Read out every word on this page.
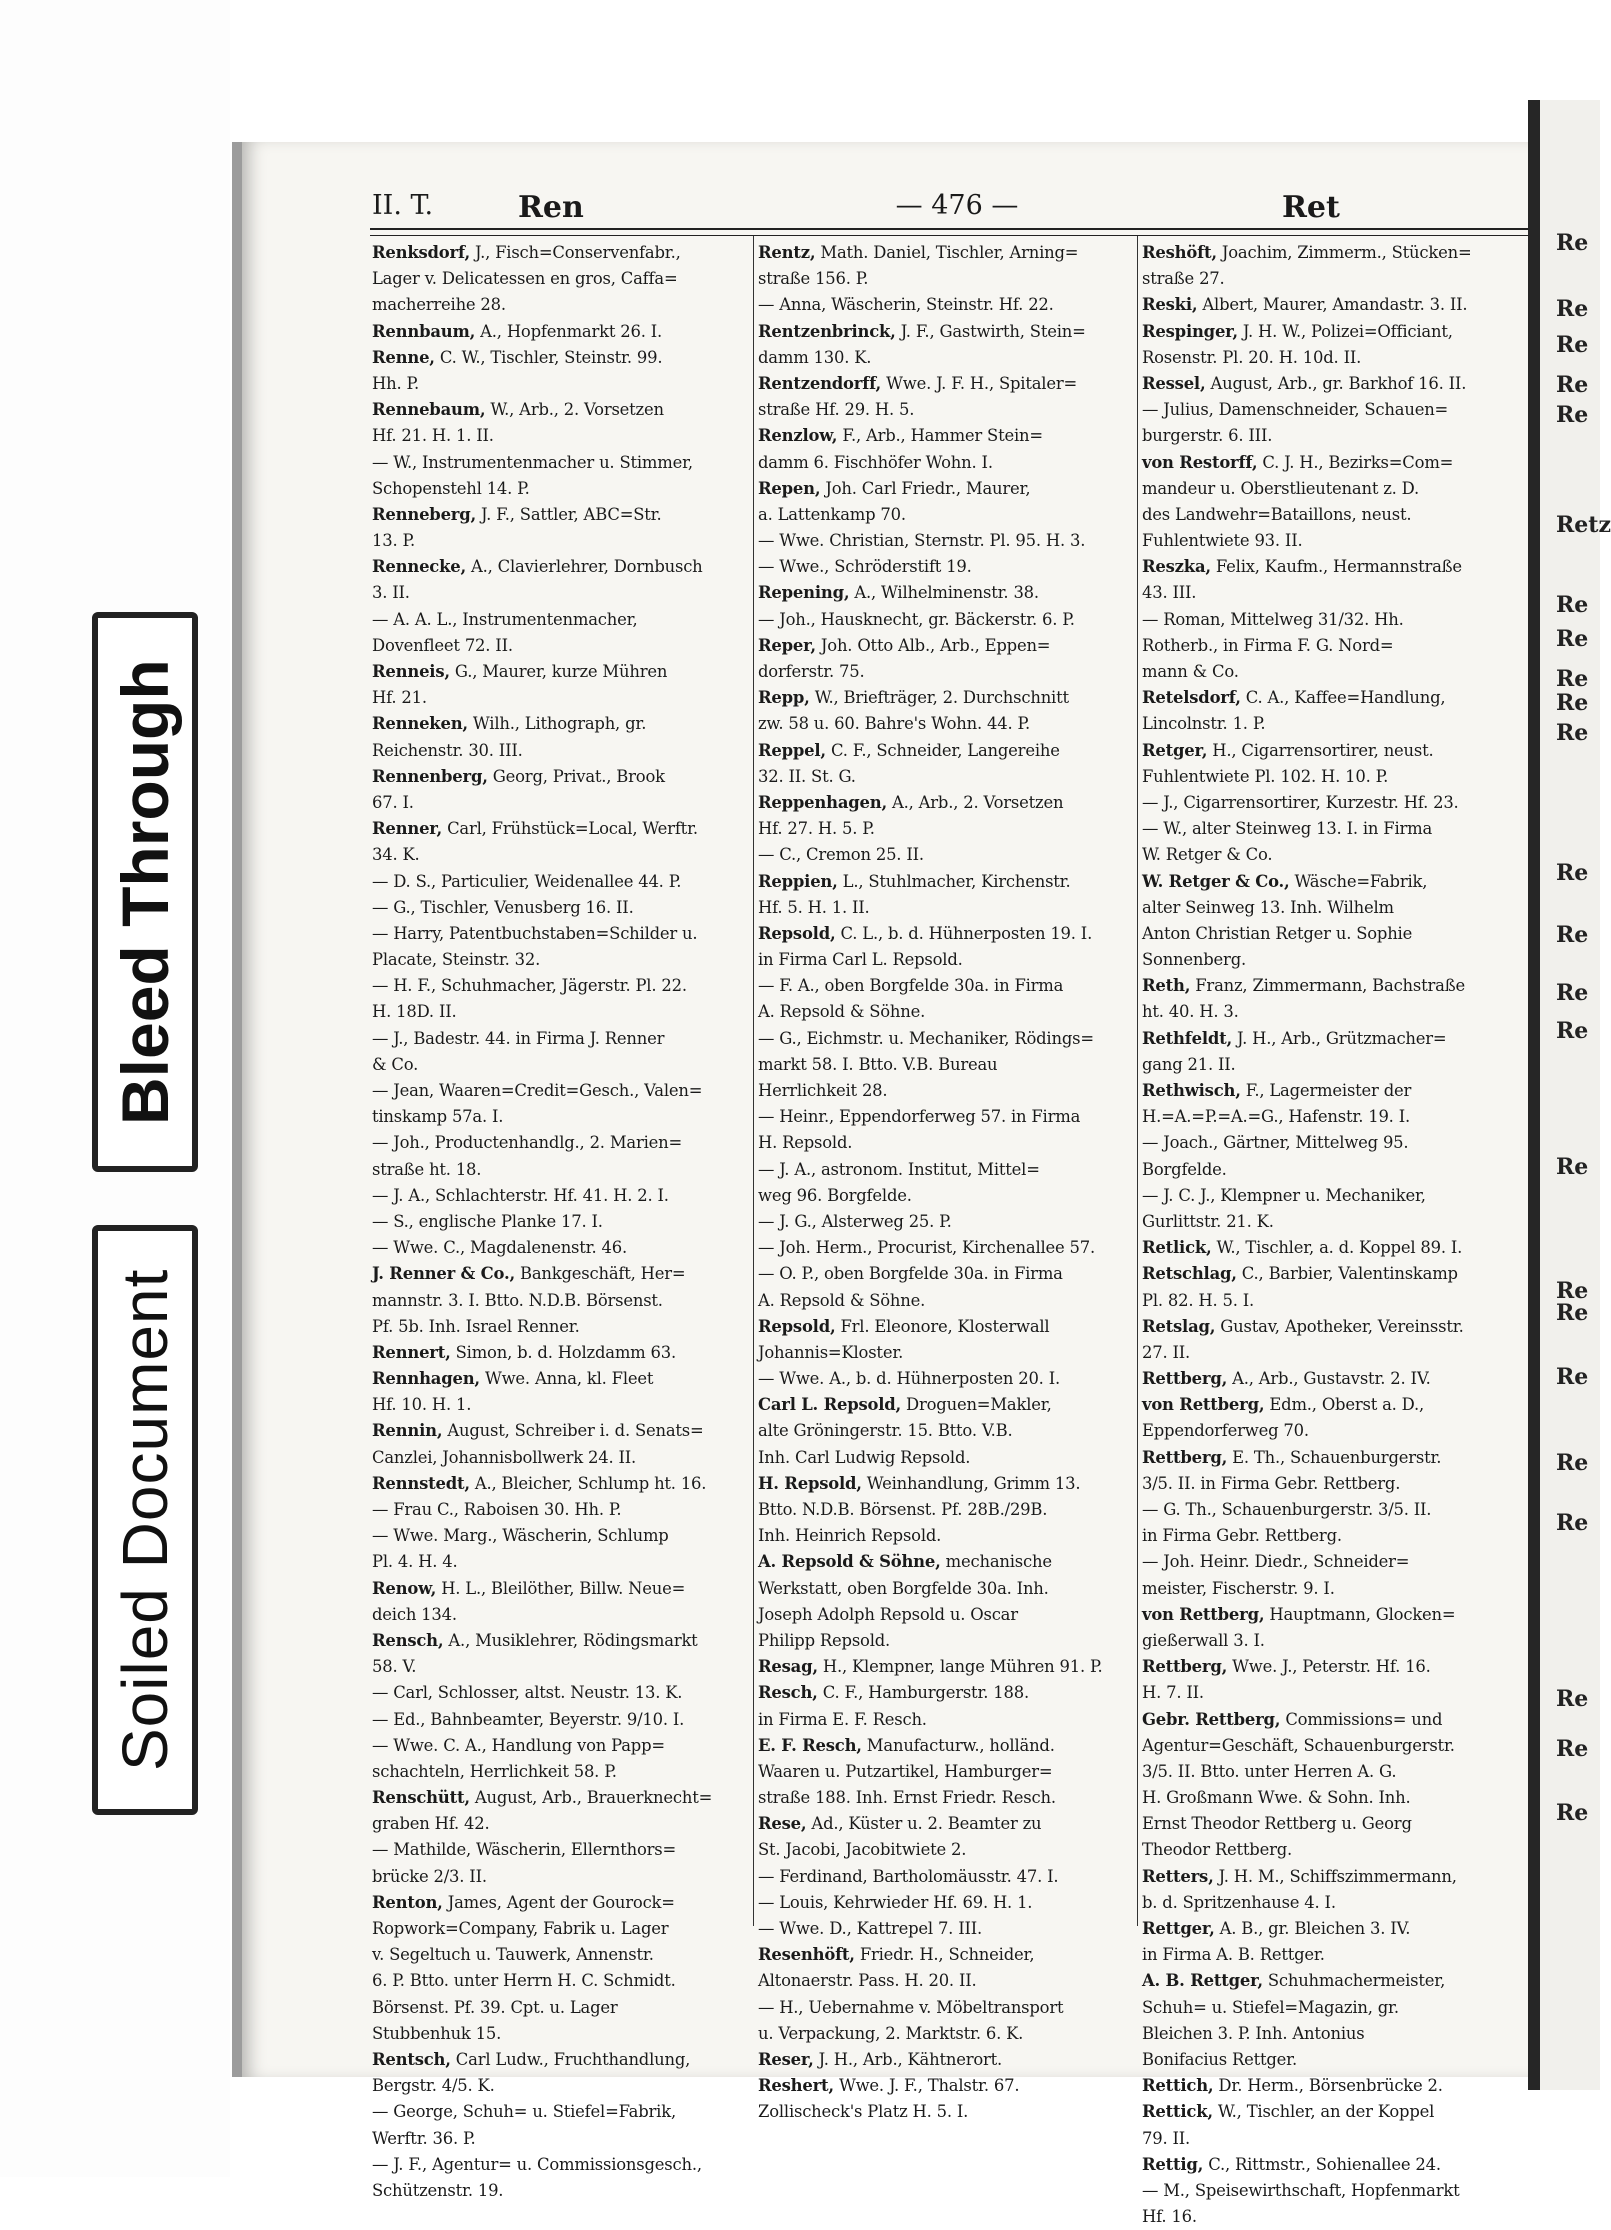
Bleed Through
Soiled Document
II. T.	Ren	— 476 —	Ret
Renksdorf, J., Fisch=Conservenfabr.,
Lager v. Delicatessen en gros, Caffa=
macherreihe 28.
Rennbaum, A., Hopfenmarkt 26. I.
Renne, C. W., Tischler, Steinstr. 99.
Hh. P.
Rennebaum, W., Arb., 2. Vorsetzen
Hf. 21. H. 1. II.
— W., Instrumentenmacher u. Stimmer,
Schopenstehl 14. P.
Renneberg, J. F., Sattler, ABC=Str.
13. P.
Rennecke, A., Clavierlehrer, Dornbusch
3. II.
— A. A. L., Instrumentenmacher,
Dovenfleet 72. II.
Renneis, G., Maurer, kurze Mühren
Hf. 21.
Renneken, Wilh., Lithograph, gr.
Reichenstr. 30. III.
Rennenberg, Georg, Privat., Brook
67. I.
Renner, Carl, Frühstück=Local, Werftr.
34. K.
— D. S., Particulier, Weidenallee 44. P.
— G., Tischler, Venusberg 16. II.
— Harry, Patentbuchstaben=Schilder u.
Placate, Steinstr. 32.
— H. F., Schuhmacher, Jägerstr. Pl. 22.
H. 18D. II.
— J., Badestr. 44. in Firma J. Renner
& Co.
— Jean, Waaren=Credit=Gesch., Valen=
tinskamp 57a. I.
— Joh., Productenhandlg., 2. Marien=
straße ht. 18.
— J. A., Schlachterstr. Hf. 41. H. 2. I.
— S., englische Planke 17. I.
— Wwe. C., Magdalenenstr. 46.
J. Renner & Co., Bankgeschäft, Her=
mannstr. 3. I. Btto. N.D.B. Börsenst.
Pf. 5b. Inh. Israel Renner.
Rennert, Simon, b. d. Holzdamm 63.
Rennhagen, Wwe. Anna, kl. Fleet
Hf. 10. H. 1.
Rennin, August, Schreiber i. d. Senats=
Canzlei, Johannisbollwerk 24. II.
Rennstedt, A., Bleicher, Schlump ht. 16.
— Frau C., Raboisen 30. Hh. P.
— Wwe. Marg., Wäscherin, Schlump
Pl. 4. H. 4.
Renow, H. L., Bleilöther, Billw. Neue=
deich 134.
Rensch, A., Musiklehrer, Rödingsmarkt
58. V.
— Carl, Schlosser, altst. Neustr. 13. K.
— Ed., Bahnbeamter, Beyerstr. 9/10. I.
— Wwe. C. A., Handlung von Papp=
schachteln, Herrlichkeit 58. P.
Renschütt, August, Arb., Brauerknecht=
graben Hf. 42.
— Mathilde, Wäscherin, Ellernthors=
brücke 2/3. II.
Renton, James, Agent der Gourock=
Ropwork=Company, Fabrik u. Lager
v. Segeltuch u. Tauwerk, Annenstr.
6. P. Btto. unter Herrn H. C. Schmidt.
Börsenst. Pf. 39. Cpt. u. Lager
Stubbenhuk 15.
Rentsch, Carl Ludw., Fruchthandlung,
Bergstr. 4/5. K.
— George, Schuh= u. Stiefel=Fabrik,
Werftr. 36. P.
— J. F., Agentur= u. Commissionsgesch.,
Schützenstr. 19.
Rentz, Math. Daniel, Tischler, Arning=
straße 156. P.
— Anna, Wäscherin, Steinstr. Hf. 22.
Rentzenbrinck, J. F., Gastwirth, Stein=
damm 130. K.
Rentzendorff, Wwe. J. F. H., Spitaler=
straße Hf. 29. H. 5.
Renzlow, F., Arb., Hammer Stein=
damm 6. Fischhöfer Wohn. I.
Repen, Joh. Carl Friedr., Maurer,
a. Lattenkamp 70.
— Wwe. Christian, Sternstr. Pl. 95. H. 3.
— Wwe., Schröderstift 19.
Repening, A., Wilhelminenstr. 38.
— Joh., Hausknecht, gr. Bäckerstr. 6. P.
Reper, Joh. Otto Alb., Arb., Eppen=
dorferstr. 75.
Repp, W., Briefträger, 2. Durchschnitt
zw. 58 u. 60. Bahre's Wohn. 44. P.
Reppel, C. F., Schneider, Langereihe
32. II. St. G.
Reppenhagen, A., Arb., 2. Vorsetzen
Hf. 27. H. 5. P.
— C., Cremon 25. II.
Reppien, L., Stuhlmacher, Kirchenstr.
Hf. 5. H. 1. II.
Repsold, C. L., b. d. Hühnerposten 19. I.
in Firma Carl L. Repsold.
— F. A., oben Borgfelde 30a. in Firma
A. Repsold & Söhne.
— G., Eichmstr. u. Mechaniker, Rödings=
markt 58. I. Btto. V.B. Bureau
Herrlichkeit 28.
— Heinr., Eppendorferweg 57. in Firma
H. Repsold.
— J. A., astronom. Institut, Mittel=
weg 96. Borgfelde.
— J. G., Alsterweg 25. P.
— Joh. Herm., Procurist, Kirchenallee 57.
— O. P., oben Borgfelde 30a. in Firma
A. Repsold & Söhne.
Repsold, Frl. Eleonore, Klosterwall
Johannis=Kloster.
— Wwe. A., b. d. Hühnerposten 20. I.
Carl L. Repsold, Droguen=Makler,
alte Gröningerstr. 15. Btto. V.B.
Inh. Carl Ludwig Repsold.
H. Repsold, Weinhandlung, Grimm 13.
Btto. N.D.B. Börsenst. Pf. 28B./29B.
Inh. Heinrich Repsold.
A. Repsold & Söhne, mechanische
Werkstatt, oben Borgfelde 30a. Inh.
Joseph Adolph Repsold u. Oscar
Philipp Repsold.
Resag, H., Klempner, lange Mühren 91. P.
Resch, C. F., Hamburgerstr. 188.
in Firma E. F. Resch.
E. F. Resch, Manufacturw., holländ.
Waaren u. Putzartikel, Hamburger=
straße 188. Inh. Ernst Friedr. Resch.
Rese, Ad., Küster u. 2. Beamter zu
St. Jacobi, Jacobitwiete 2.
— Ferdinand, Bartholomäusstr. 47. I.
— Louis, Kehrwieder Hf. 69. H. 1.
— Wwe. D., Kattrepel 7. III.
Resenhöft, Friedr. H., Schneider,
Altonaerstr. Pass. H. 20. II.
— H., Uebernahme v. Möbeltransport
u. Verpackung, 2. Marktstr. 6. K.
Reser, J. H., Arb., Kähtnerort.
Reshert, Wwe. J. F., Thalstr. 67.
Zollischeck's Platz H. 5. I.
Reshöft, Joachim, Zimmerm., Stücken=
straße 27.
Reski, Albert, Maurer, Amandastr. 3. II.
Respinger, J. H. W., Polizei=Officiant,
Rosenstr. Pl. 20. H. 10d. II.
Ressel, August, Arb., gr. Barkhof 16. II.
— Julius, Damenschneider, Schauen=
burgerstr. 6. III.
von Restorff, C. J. H., Bezirks=Com=
mandeur u. Oberstlieutenant z. D.
des Landwehr=Bataillons, neust.
Fuhlentwiete 93. II.
Reszka, Felix, Kaufm., Hermannstraße
43. III.
— Roman, Mittelweg 31/32. Hh.
Rotherb., in Firma F. G. Nord=
mann & Co.
Retelsdorf, C. A., Kaffee=Handlung,
Lincolnstr. 1. P.
Retger, H., Cigarrensortirer, neust.
Fuhlentwiete Pl. 102. H. 10. P.
— J., Cigarrensortirer, Kurzestr. Hf. 23.
— W., alter Steinweg 13. I. in Firma
W. Retger & Co.
W. Retger & Co., Wäsche=Fabrik,
alter Seinweg 13. Inh. Wilhelm
Anton Christian Retger u. Sophie
Sonnenberg.
Reth, Franz, Zimmermann, Bachstraße
ht. 40. H. 3.
Rethfeldt, J. H., Arb., Grützmacher=
gang 21. II.
Rethwisch, F., Lagermeister der
H.=A.=P.=A.=G., Hafenstr. 19. I.
— Joach., Gärtner, Mittelweg 95.
Borgfelde.
— J. C. J., Klempner u. Mechaniker,
Gurlittstr. 21. K.
Retlick, W., Tischler, a. d. Koppel 89. I.
Retschlag, C., Barbier, Valentinskamp
Pl. 82. H. 5. I.
Retslag, Gustav, Apotheker, Vereinsstr.
27. II.
Rettberg, A., Arb., Gustavstr. 2. IV.
von Rettberg, Edm., Oberst a. D.,
Eppendorferweg 70.
Rettberg, E. Th., Schauenburgerstr.
3/5. II. in Firma Gebr. Rettberg.
— G. Th., Schauenburgerstr. 3/5. II.
in Firma Gebr. Rettberg.
— Joh. Heinr. Diedr., Schneider=
meister, Fischerstr. 9. I.
von Rettberg, Hauptmann, Glocken=
gießerwall 3. I.
Rettberg, Wwe. J., Peterstr. Hf. 16.
H. 7. II.
Gebr. Rettberg, Commissions= und
Agentur=Geschäft, Schauenburgerstr.
3/5. II. Btto. unter Herren A. G.
H. Großmann Wwe. & Sohn. Inh.
Ernst Theodor Rettberg u. Georg
Theodor Rettberg.
Retters, J. H. M., Schiffszimmermann,
b. d. Spritzenhause 4. I.
Rettger, A. B., gr. Bleichen 3. IV.
in Firma A. B. Rettger.
A. B. Rettger, Schuhmachermeister,
Schuh= u. Stiefel=Magazin, gr.
Bleichen 3. P. Inh. Antonius
Bonifacius Rettger.
Rettich, Dr. Herm., Börsenbrücke 2.
Rettick, W., Tischler, an der Koppel
79. II.
Rettig, C., Rittmstr., Sohienallee 24.
— M., Speisewirthschaft, Hopfenmarkt
Hf. 16.
Re
Re
Re
Re
Re
Retz
Re
Re
Re
Re
Re
Re
Re
Re
Re
Re
Re
Re
Re
Re
Re
Re
Re
Re
